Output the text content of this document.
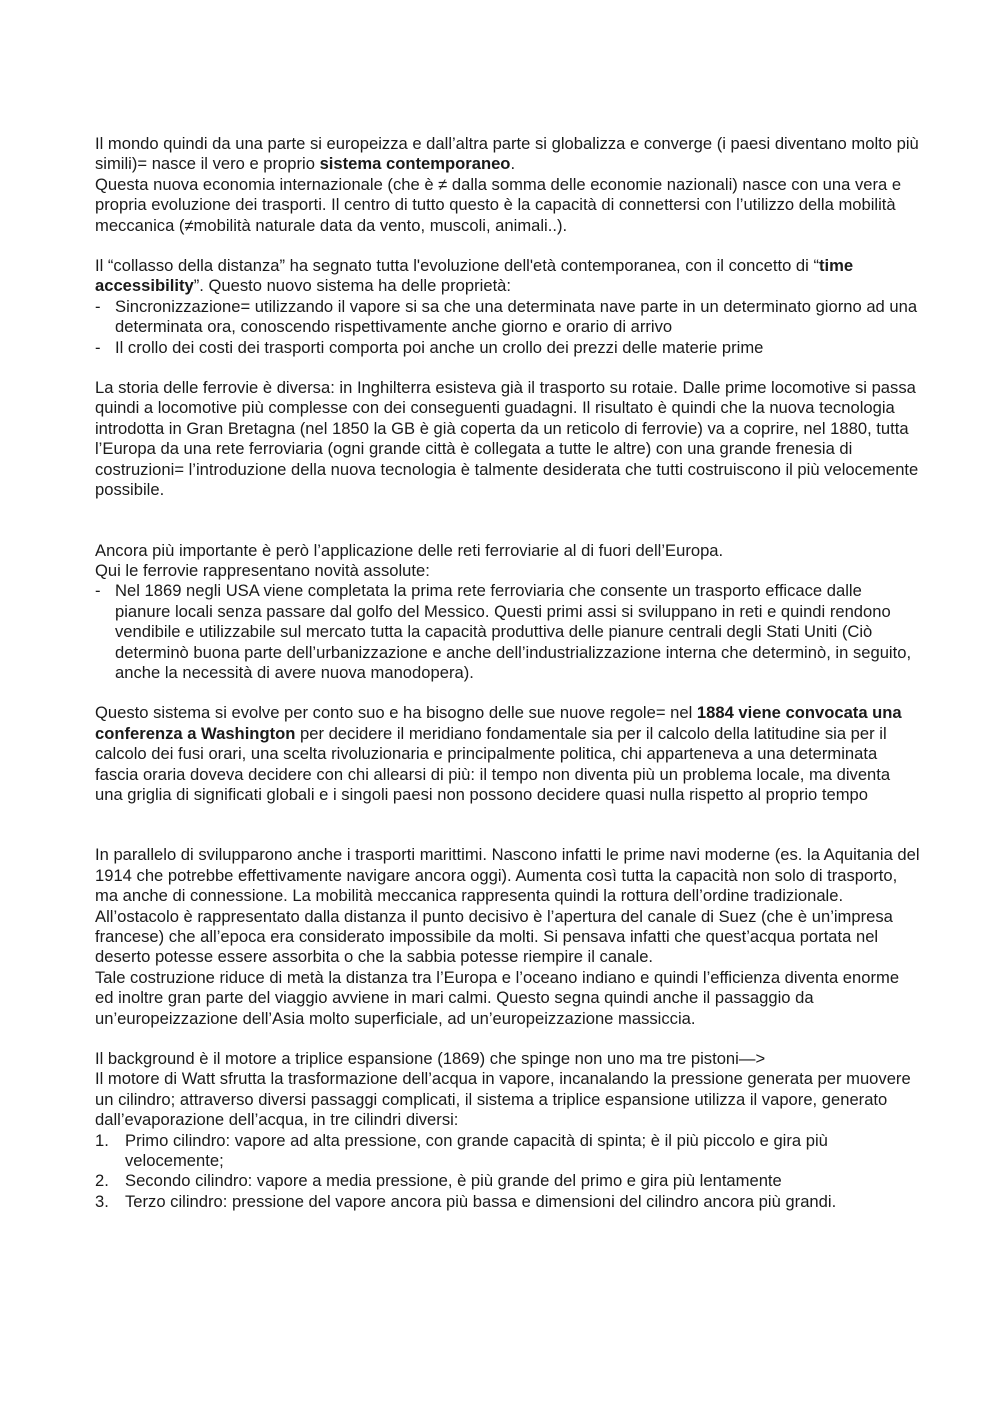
Il mondo quindi da una parte si europeizza e dall’altra parte si globalizza e converge (i paesi diventano molto più simili)= nasce il vero e proprio sistema contemporaneo.

Questa nuova economia internazionale (che è ≠ dalla somma delle economie nazionali) nasce con una vera e propria evoluzione dei trasporti. Il centro di tutto questo è la capacità di connettersi con l’utilizzo della mobilità meccanica (≠mobilità naturale data da vento, muscoli, animali..).

Il “collasso della distanza” ha segnato tutta l'evoluzione dell'età contemporanea, con il concetto di “time accessibility”. Questo nuovo sistema ha delle proprietà:

- Sincronizzazione= utilizzando il vapore si sa che una determinata nave parte in un determinato giorno ad una determinata ora, conoscendo rispettivamente anche giorno e orario di arrivo
- Il crollo dei costi dei trasporti comporta poi anche un crollo dei prezzi delle materie prime

La storia delle ferrovie è diversa: in Inghilterra esisteva già il trasporto su rotaie. Dalle prime locomotive si passa quindi a locomotive più complesse con dei conseguenti guadagni. Il risultato è quindi che la nuova tecnologia introdotta in Gran Bretagna (nel 1850 la GB è già coperta da un reticolo di ferrovie) va a coprire, nel 1880, tutta l’Europa da una rete ferroviaria (ogni grande città è collegata a tutte le altre) con una grande frenesia di costruzioni= l’introduzione della nuova tecnologia è talmente desiderata che tutti costruiscono il più velocemente possibile.

Ancora più importante è però l’applicazione delle reti ferroviarie al di fuori dell’Europa.

Qui le ferrovie rappresentano novità assolute:

- Nel 1869 negli USA viene completata la prima rete ferroviaria che consente un trasporto efficace dalle pianure locali senza passare dal golfo del Messico. Questi primi assi si sviluppano in reti e quindi rendono vendibile e utilizzabile sul mercato tutta la capacità produttiva delle pianure centrali degli Stati Uniti (Ciò determinò buona parte dell’urbanizzazione e anche dell’industrializzazione interna che determinò, in seguito, anche la necessità di avere nuova manodopera).

Questo sistema si evolve per conto suo e ha bisogno delle sue nuove regole= nel 1884 viene convocata una conferenza a Washington per decidere il meridiano fondamentale sia per il calcolo della latitudine sia per il calcolo dei fusi orari, una scelta rivoluzionaria e principalmente politica, chi apparteneva a una determinata fascia oraria doveva decidere con chi allearsi di più: il tempo non diventa più un problema locale, ma diventa una griglia di significati globali e i singoli paesi non possono decidere quasi nulla rispetto al proprio tempo

In parallelo di svilupparono anche i trasporti marittimi. Nascono infatti le prime navi moderne (es. la Aquitania del 1914 che potrebbe effettivamente navigare ancora oggi). Aumenta così tutta la capacità non solo di trasporto, ma anche di connessione. La mobilità meccanica rappresenta quindi la rottura dell’ordine tradizionale. All’ostacolo è rappresentato dalla distanza il punto decisivo è l’apertura del canale di Suez (che è un’impresa francese) che all’epoca era considerato impossibile da molti. Si pensava infatti che quest’acqua portata nel deserto potesse essere assorbita o che la sabbia potesse riempire il canale.

Tale costruzione riduce di metà la distanza tra l’Europa e l’oceano indiano e quindi l’efficienza diventa enorme ed inoltre gran parte del viaggio avviene in mari calmi. Questo segna quindi anche il passaggio da un’europeizzazione dell’Asia molto superficiale, ad un’europeizzazione massiccia.

Il background è il motore a triplice espansione (1869) che spinge non uno ma tre pistoni—>

Il motore di Watt sfrutta la trasformazione dell’acqua in vapore, incanalando la pressione generata per muovere un cilindro; attraverso diversi passaggi complicati, il sistema a triplice espansione utilizza il vapore, generato dall’evaporazione dell’acqua, in tre cilindri diversi:

1. Primo cilindro: vapore ad alta pressione, con grande capacità di spinta; è il più piccolo e gira più velocemente;
2. Secondo cilindro: vapore a media pressione, è più grande del primo e gira più lentamente
3. Terzo cilindro: pressione del vapore ancora più bassa e dimensioni del cilindro ancora più grandi.
